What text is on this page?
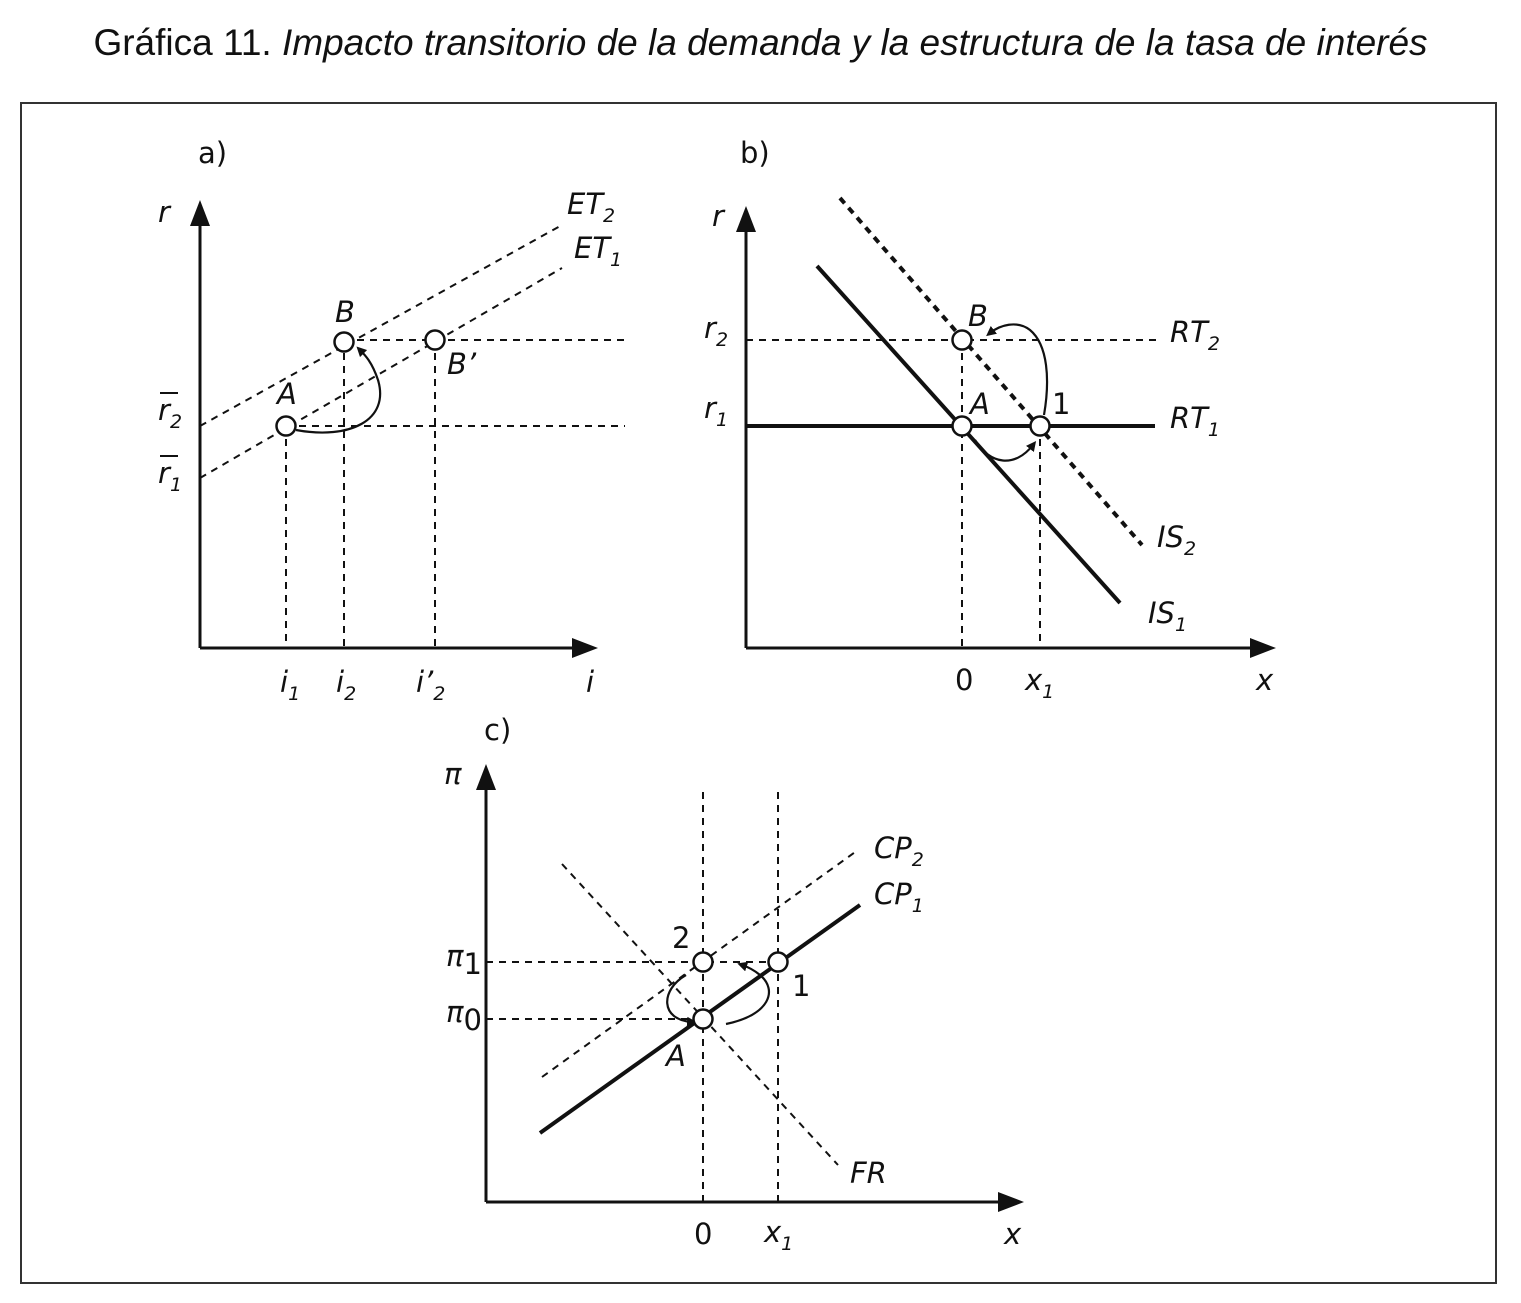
Gráfica 11. Impacto transitorio de la demanda y la estructura de la tasa de interés
a)
r
i
$ET_2$
$ET_1$
$r_2$
$r_1$
$i_1$ $i_2$ $i’_2$
A
B
B’
b)
r
x
$RT_2$
$RT_1$
$IS_2$
$IS_1$
$r_2$
$r_1$
0 $x_1$
A
B
1
c)
π
x
$CP_2$
$CP_1$
FR
π1
π0
0 $x_1$
A
1
2
